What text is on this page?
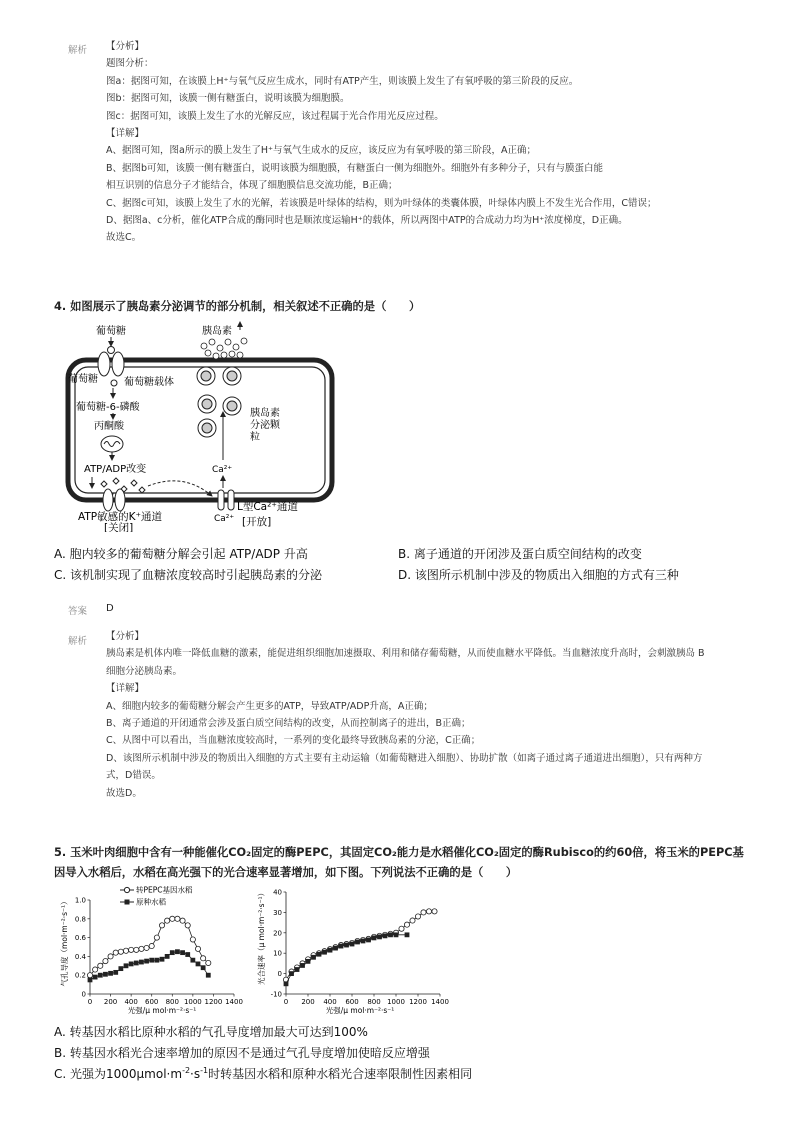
解析 【分析】

题图分析：

图a：据图可知，在该膜上H⁺与氧气反应生成水，同时有ATP产生，则该膜上发生了有氧呼吸的第三阶段的反应。

图b：据图可知，该膜一侧有糖蛋白，说明该膜为细胞膜。

图c：据图可知，该膜上发生了水的光解反应，该过程属于光合作用光反应过程。

【详解】

A、据图可知，图a所示的膜上发生了H⁺与氧气生成水的反应，该反应为有氧呼吸的第三阶段，A正确；

B、据图b可知，该膜一侧有糖蛋白，说明该膜为细胞膜，有糖蛋白一侧为细胞外。细胞外有多种分子，只有与膜蛋白能相互识别的信息分子才能结合，体现了细胞膜信息交流功能，B正确；

C、据图c可知，该膜上发生了水的光解，若该膜是叶绿体的结构，则为叶绿体的类囊体膜，叶绿体内膜上不发生光合作用，C错误；

D、据图a、c分析，催化ATP合成的酶同时也是顺浓度运输H⁺的载体，所以两图中ATP的合成动力均为H⁺浓度梯度，D正确。

故选C。

4. 如图展示了胰岛素分泌调节的部分机制，相关叙述不正确的是（　　）
葡萄糖
葡萄糖	葡萄糖载体
葡萄糖-6-磷酸
丙酮酸
ATP/ADP改变
ATP敏感的K⁺通道
[关闭]
Ca²⁺
L型Ca²⁺通道
[开放]
Ca²⁺
胰岛素
胰岛素
分泌颗
粒
A. 胞内较多的葡萄糖分解会引起 ATP/ADP 升高	B. 离子通道的开闭涉及蛋白质空间结构的改变
C. 该机制实现了血糖浓度较高时引起胰岛素的分泌	D. 该图所示机制中涉及的物质出入细胞的方式有三种
答案 D
解析 【分析】

胰岛素是机体内唯一降低血糖的激素，能促进组织细胞加速摄取、利用和储存葡萄糖，从而使血糖水平降低。当血糖浓度升高时，会刺激胰岛 B 细胞分泌胰岛素。

【详解】

A、细胞内较多的葡萄糖分解会产生更多的ATP，导致ATP/ADP升高，A正确；

B、离子通道的开闭通常会涉及蛋白质空间结构的改变，从而控制离子的进出，B正确；

C、从图中可以看出，当血糖浓度较高时，一系列的变化最终导致胰岛素的分泌，C正确；

D、该图所示机制中涉及的物质出入细胞的方式主要有主动运输（如葡萄糖进入细胞）、协助扩散（如离子通过离子通道进出细胞），只有两种方式，D错误。

故选D。

5. 玉米叶肉细胞中含有一种能催化CO₂固定的酶PEPC，其固定CO₂能力是水稻催化CO₂固定的酶Rubisco的约60倍，将玉米的PEPC基
因导入水稻后，水稻在高光强下的光合速率显著增加，如下图。下列说法不正确的是（　　）
气孔导度（mol·m⁻²·s⁻¹）
光强/μ mol·m⁻²·s⁻¹
转PEPC基因水稻
原种水稻
0 200 400 600 800 1000 1200 1400
0
0.2
0.4
0.6
0.8
1.0	光合速率（μ mol·m⁻²·s⁻¹）
光强/μ mol·m⁻²·s⁻¹
0 200 400 600 800 1000 1200 1400
-10
0
10
20
30
40
A. 转基因水稻比原种水稻的气孔导度增加最大可达到100%
B. 转基因水稻光合速率增加的原因不是通过气孔导度增加使暗反应增强
C. 光强为$1000\mu mol\cdot m^{-2}\cdot s^{-1}$时转基因水稻和原种水稻光合速率限制性因素相同
